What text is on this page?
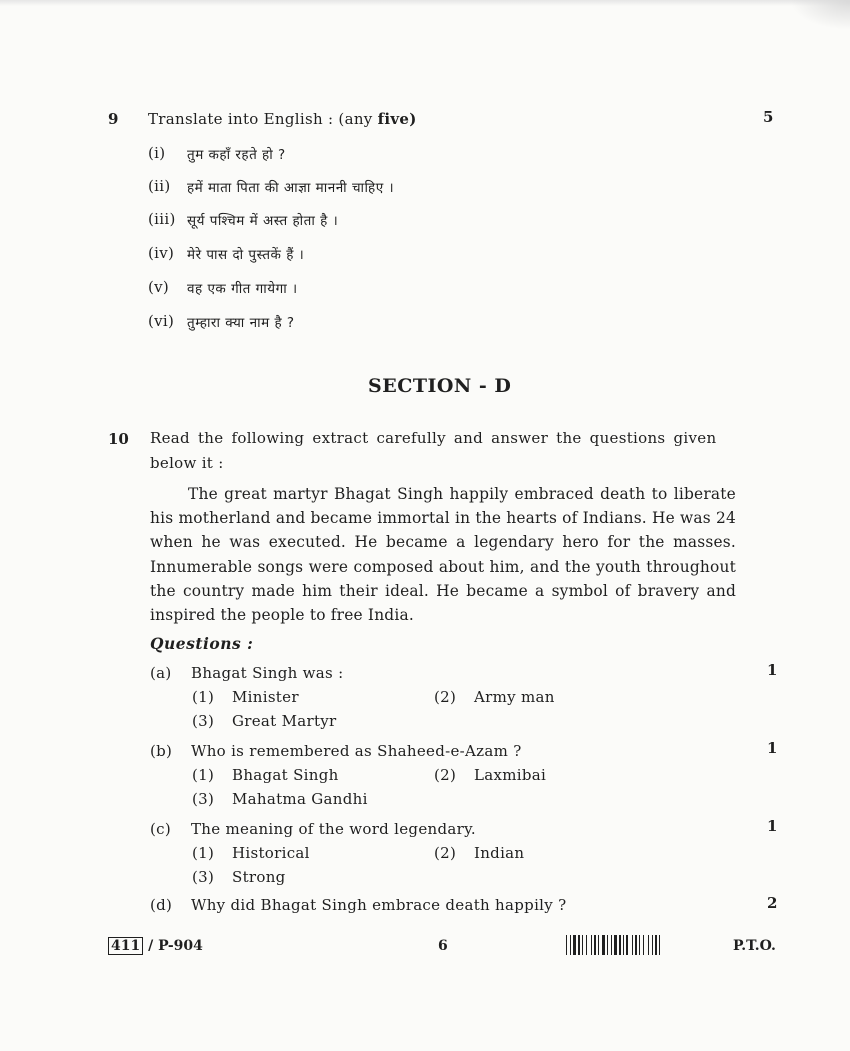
9 Translate into English : (any five)	5
(i) तुम कहाँ रहते हो ?
(ii) हमें माता पिता की आज्ञा माननी चाहिए ।
(iii) सूर्य पश्चिम में अस्त होता है ।
(iv) मेरे पास दो पुस्तकें हैं ।
(v) वह एक गीत गायेगा ।
(vi) तुम्हारा क्या नाम है ?
SECTION - D
10 Read the following extract carefully and answer the questions given
below it :
The great martyr Bhagat Singh happily embraced death to liberate his motherland and became immortal in the hearts of Indians. He was 24 when he was executed. He became a legendary hero for the masses. Innumerable songs were composed about him, and the youth throughout the country made him their ideal. He became a symbol of bravery and inspired the people to free India.
Questions :
(a) Bhagat Singh was :	1
(1) Minister	(2) Army man
(3) Great Martyr
(b) Who is remembered as Shaheed-e-Azam ?	1
(1) Bhagat Singh	(2) Laxmibai
(3) Mahatma Gandhi
(c) The meaning of the word legendary.	1
(1) Historical	(2) Indian
(3) Strong
(d) Why did Bhagat Singh embrace death happily ?	2
411 / P-904	6	P.T.O.
